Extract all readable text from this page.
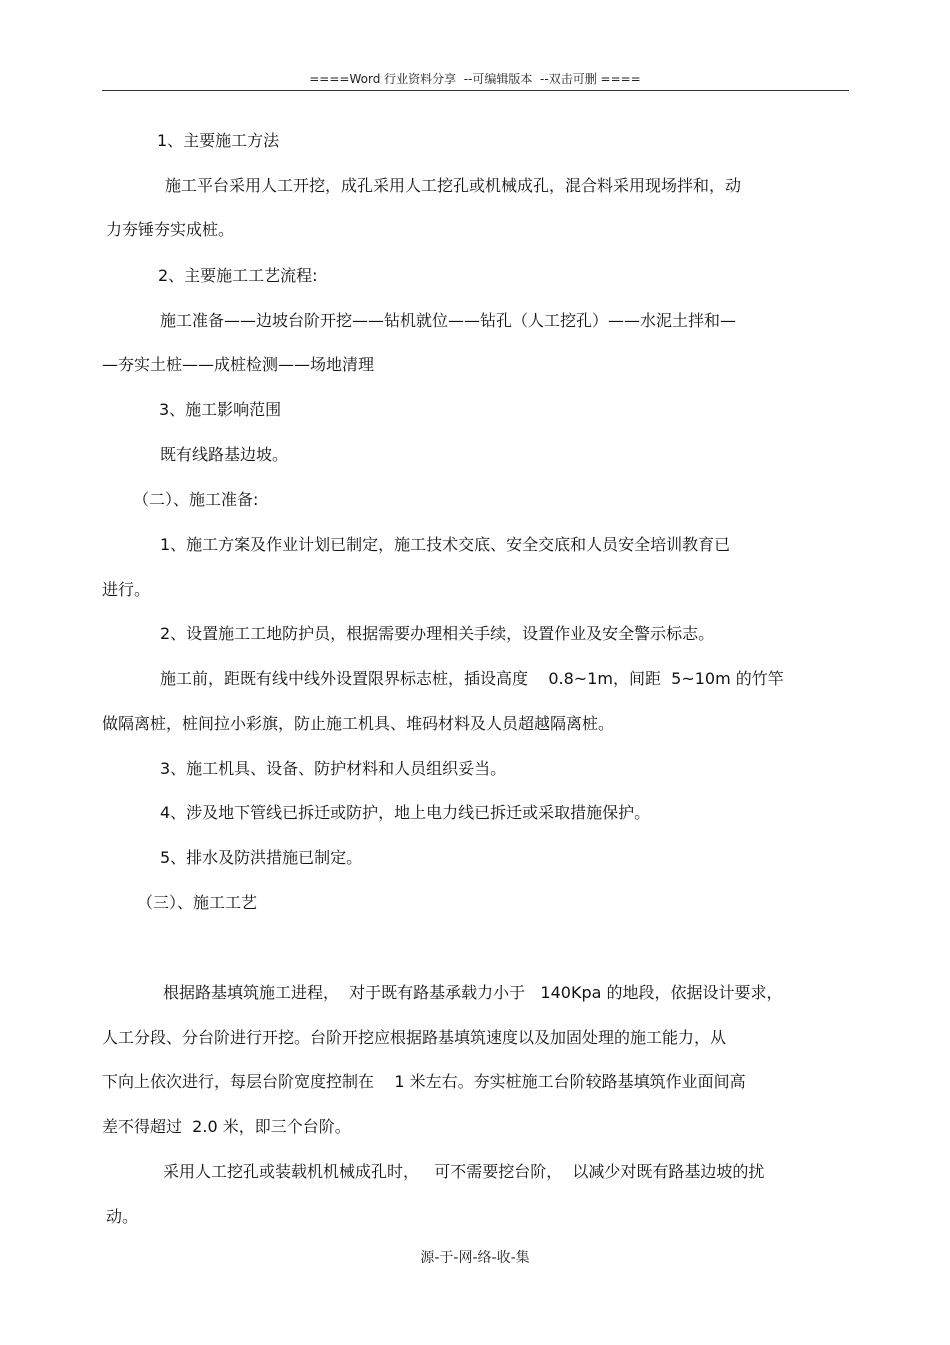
====Word 行业资料分享  --可编辑版本  --双击可删 ====
1、主要施工方法
施工平台采用人工开挖，成孔采用人工挖孔或机械成孔，混合料采用现场拌和，动
力夯锤夯实成桩。
2、主要施工工艺流程:
施工准备——边坡台阶开挖——钻机就位——钻孔（人工挖孔）——水泥土拌和—
—夯实土桩——成桩检测——场地清理
3、施工影响范围
既有线路基边坡。
（二）、施工准备:
1、施工方案及作业计划已制定，施工技术交底、安全交底和人员安全培训教育已
进行。
2、设置施工工地防护员，根据需要办理相关手续，设置作业及安全警示标志。
施工前，距既有线中线外设置限界标志桩，插设高度    0.8~1m，间距  5~10m 的竹竿
做隔离桩，桩间拉小彩旗，防止施工机具、堆码材料及人员超越隔离桩。
3、施工机具、设备、防护材料和人员组织妥当。
4、涉及地下管线已拆迁或防护，地上电力线已拆迁或采取措施保护。
5、排水及防洪措施已制定。
（三）、施工工艺
根据路基填筑施工进程，  对于既有路基承载力小于   140Kpa 的地段，依据设计要求，
人工分段、分台阶进行开挖。台阶开挖应根据路基填筑速度以及加固处理的施工能力，从
下向上依次进行，每层台阶宽度控制在    1 米左右。夯实桩施工台阶较路基填筑作业面间高
差不得超过  2.0 米，即三个台阶。
采用人工挖孔或装载机机械成孔时，   可不需要挖台阶，  以减少对既有路基边坡的扰
动。
源-于-网-络-收-集
